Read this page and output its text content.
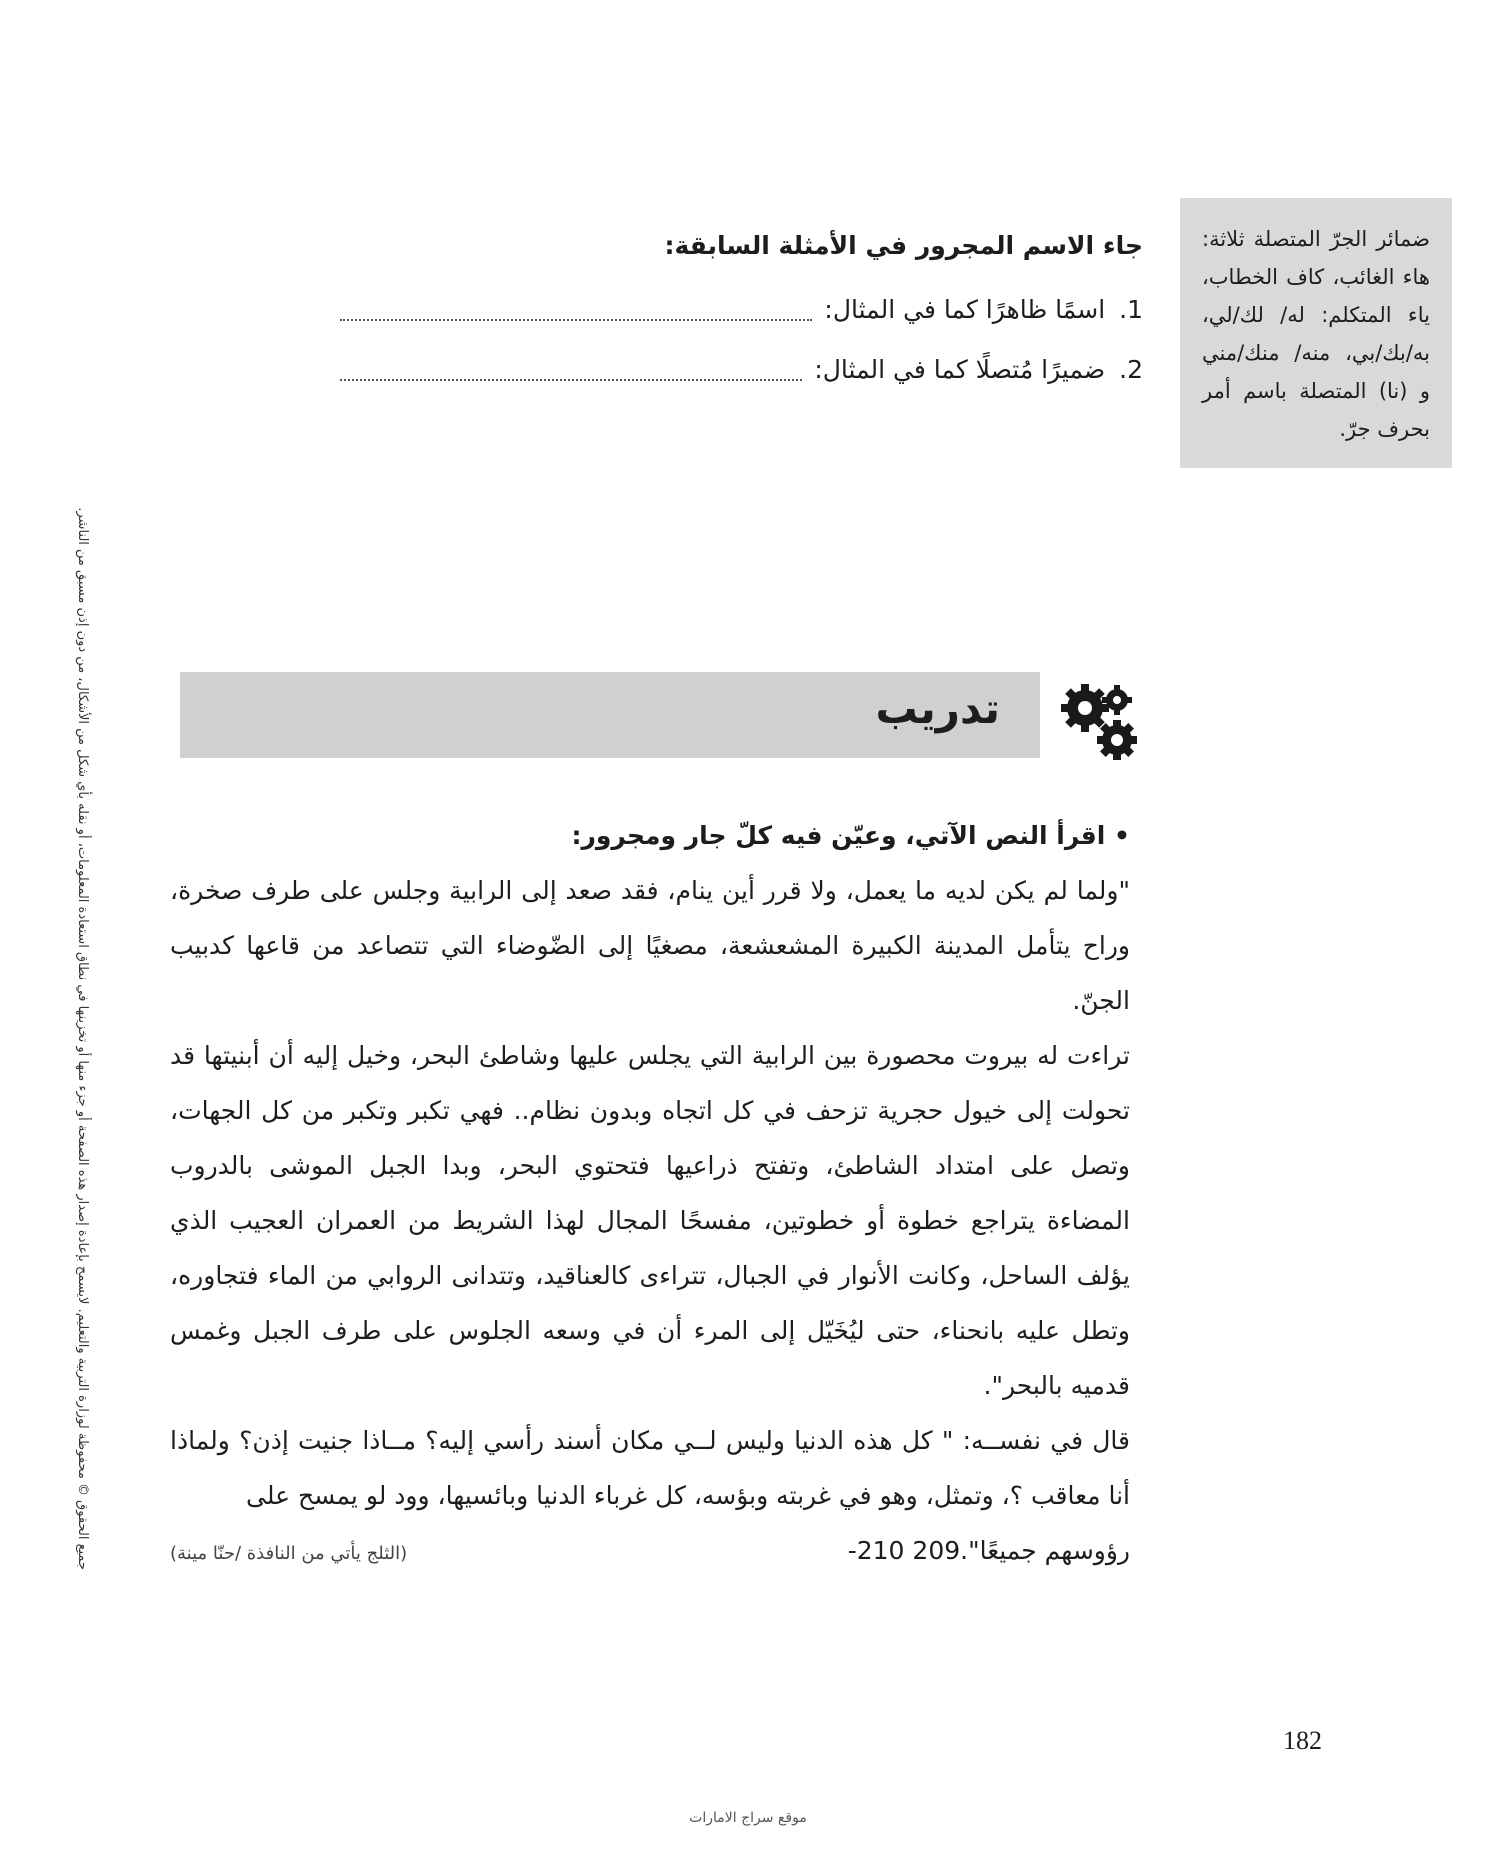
ضمائر الجرّ المتصلة ثلاثة: هاء الغائب، كاف الخطاب، ياء المتكلم: له/ لك/لي، به/بك/بي، منه/ منك/مني و (نا) المتصلة باسم أمر بحرف جرّ.

جاء الاسم المجرور في الأمثلة السابقة:

1.
اسمًا ظاهرًا كما في المثال:
2.
ضميرًا مُتصلًا كما في المثال:
تدريب

• اقرأ النص الآتي، وعيّن فيه كلّ جار ومجرور:

"ولما لم يكن لديه ما يعمل، ولا قرر أين ينام، فقد صعد إلى الرابية وجلس على طرف صخرة، وراح يتأمل المدينة الكبيرة المشعشعة، مصغيًا إلى الضّوضاء التي تتصاعد من قاعها كدبيب الجنّ.

تراءت له بيروت محصورة بين الرابية التي يجلس عليها وشاطئ البحر، وخيل إليه أن أبنيتها قد تحولت إلى خيول حجرية تزحف في كل اتجاه وبدون نظام.. فهي تكبر وتكبر من كل الجهات، وتصل على امتداد الشاطئ، وتفتح ذراعيها فتحتوي البحر، وبدا الجبل الموشى بالدروب المضاءة يتراجع خطوة أو خطوتين، مفسحًا المجال لهذا الشريط من العمران العجيب الذي يؤلف الساحل، وكانت الأنوار في الجبال، تتراءى كالعناقيد، وتتدانى الروابي من الماء فتجاوره، وتطل عليه بانحناء، حتى ليُخَيّل إلى المرء أن في وسعه الجلوس على طرف الجبل وغمس قدميه بالبحر".

قال في نفســه: " كل هذه الدنيا وليس لــي مكان أسند رأسي إليه؟ مــاذا جنيت إذن؟ ولماذا أنا معاقب ؟، وتمثل، وهو في غربته وبؤسه، كل غرباء الدنيا وبائسيها، وود لو يمسح على

رؤوسهم جميعًا".209 210-
(الثلج يأتي من النافذة /حنّا مينة)
جميع الحقوق © محفوظة لوزارة التربية والتعليم. لايسمح بإعادة إصدار هذه الصفحة أو جزء منها أو تخزينها في نطاق استعادة المعلومات، أو نقله بأي شكل من الأشكال، من دون إذن مسبق من الناشر.
182
موقع سراج الامارات
